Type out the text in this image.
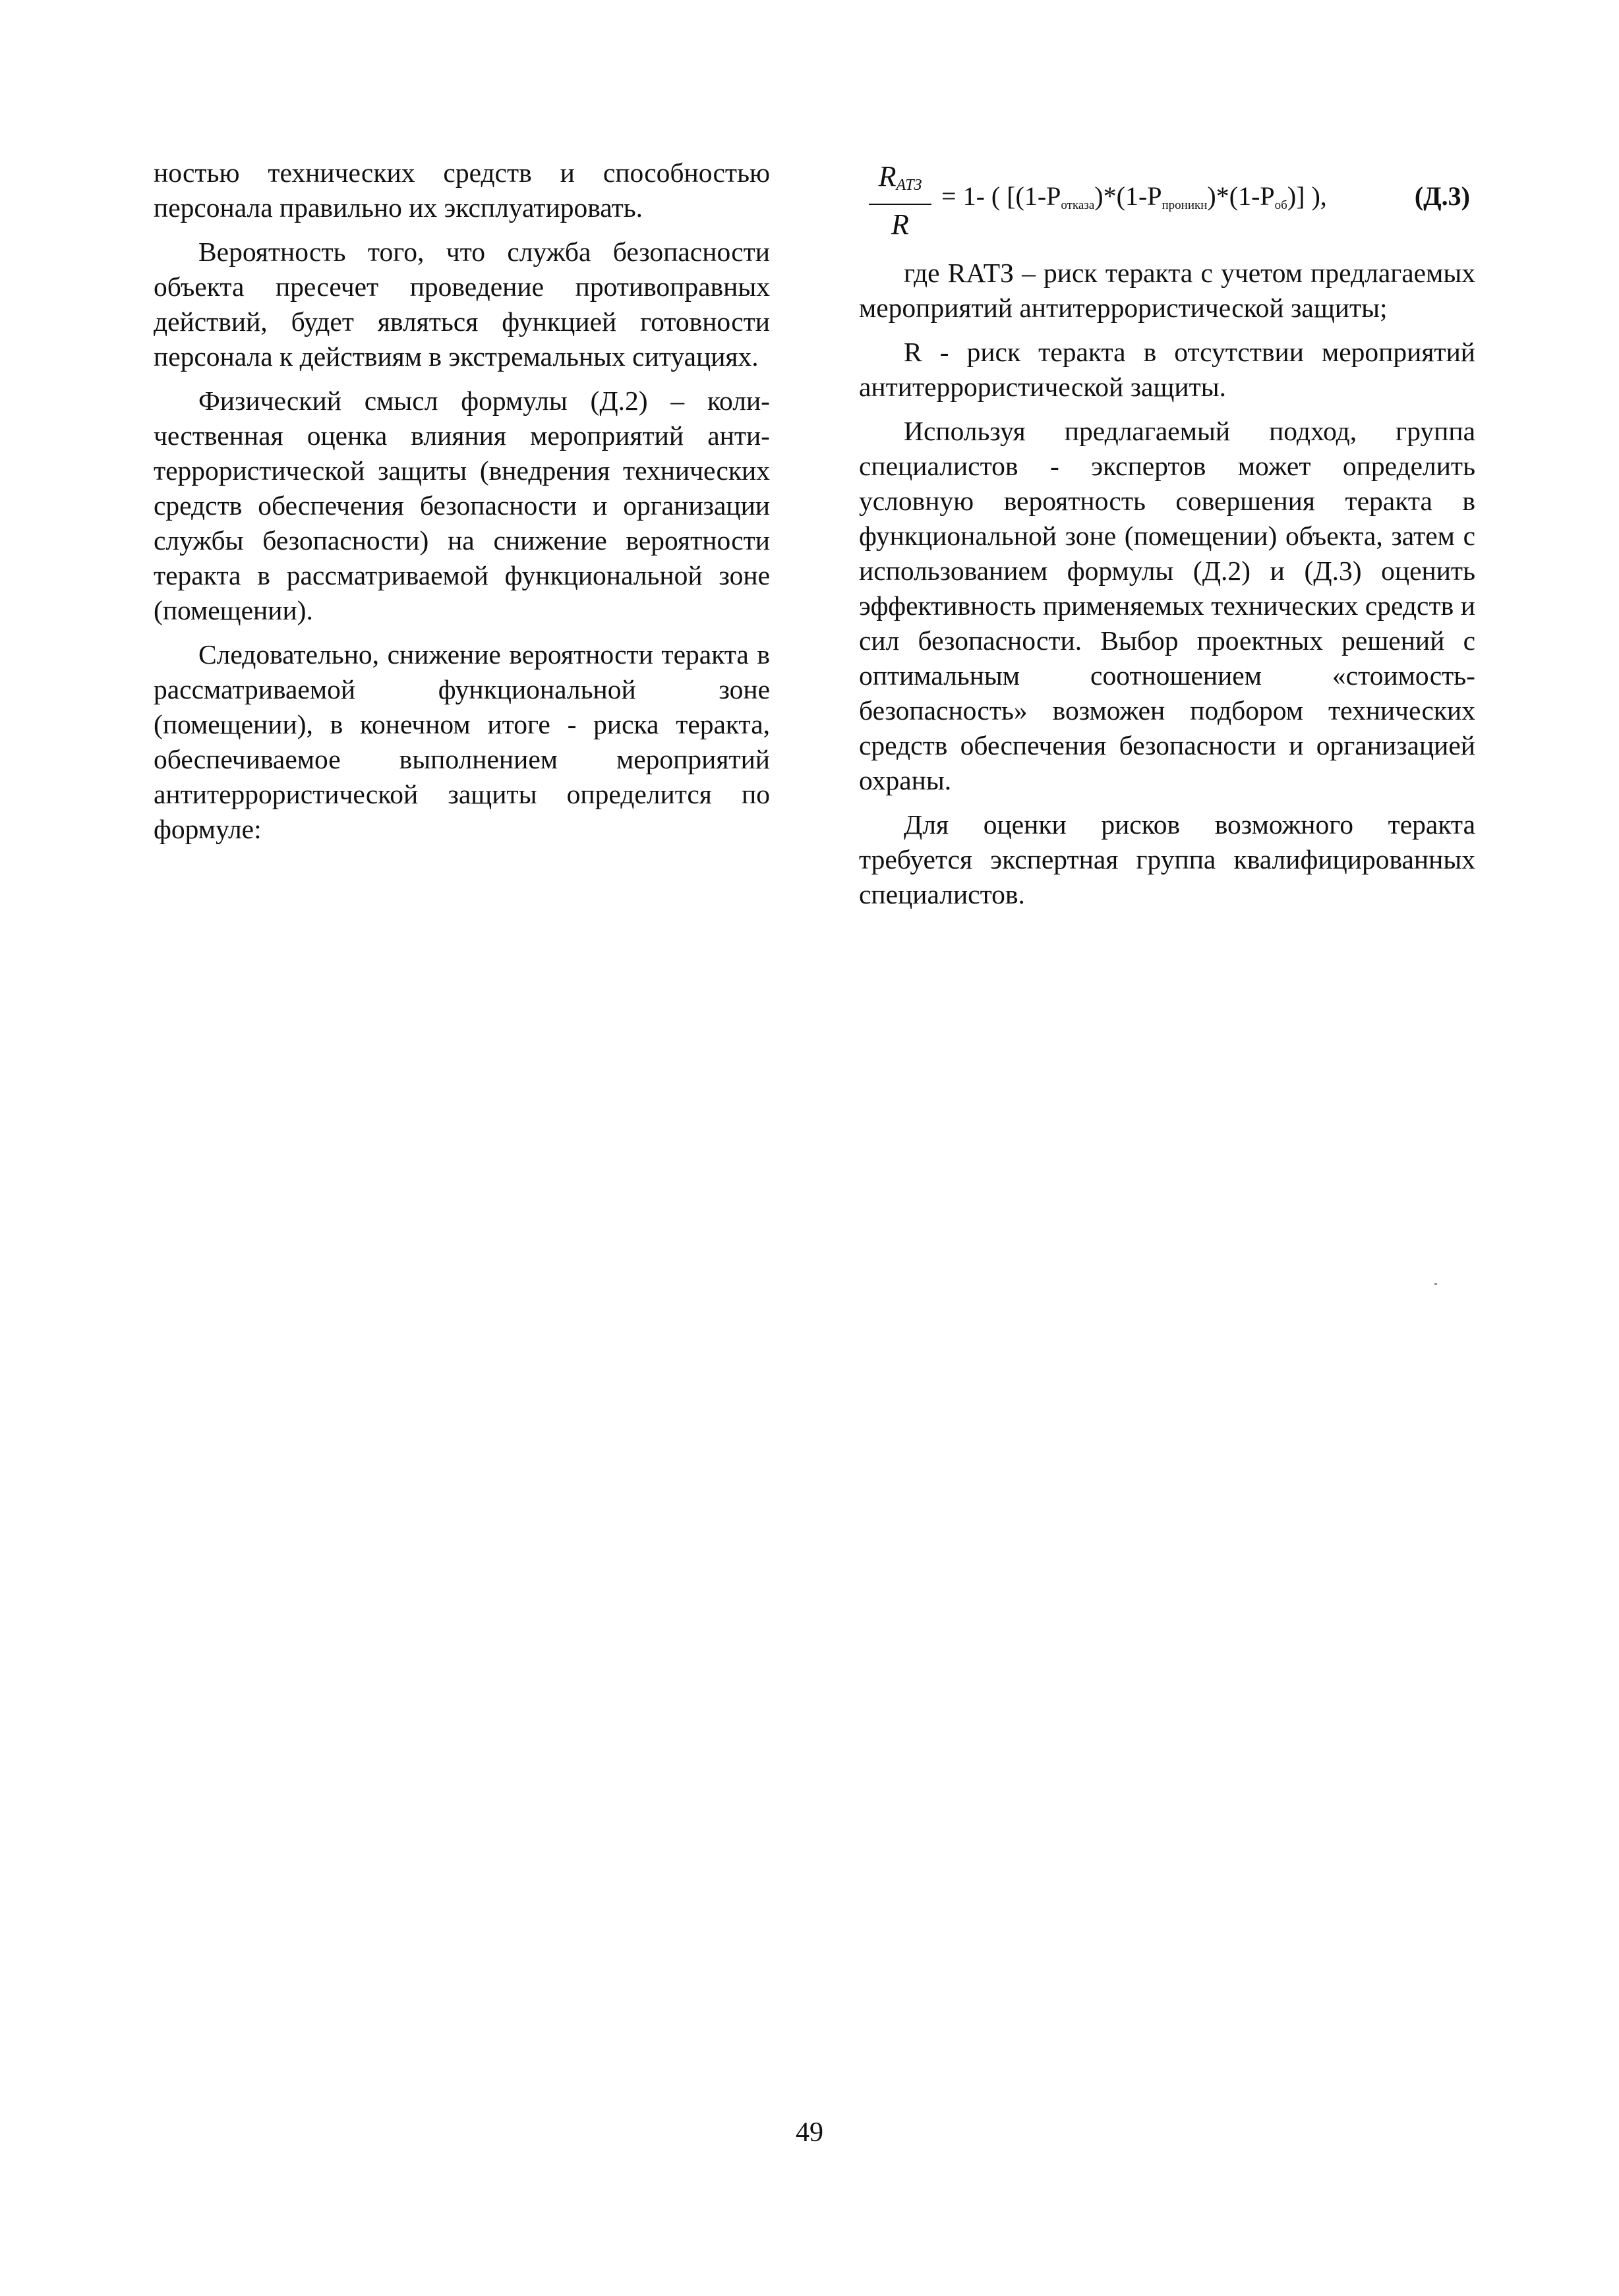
ностью технических средств и способностью персонала правильно их эксплуатировать.

Вероятность того, что служба безопасности объекта пресечет проведение противоправных действий, будет являться функцией готовности персонала к действиям в экстремальных ситуациях.

Физический смысл формулы (Д.2) – количественная оценка влияния мероприятий антитеррористической защиты (внедрения технических средств обеспечения безопасности и организации службы безопасности) на снижение вероятности теракта в рассматриваемой функциональной зоне (помещении).

Следовательно, снижение вероятности теракта в рассматриваемой функциональной зоне (помещении), в конечном итоге - риска теракта, обеспечиваемое выполнением мероприятий антитеррористической защиты определится по формуле:

$R_{АТЗ}$
R
= 1- ( $[(1-P_{отказа})*(1-P_{проникн})*(1-P_{об})]$ ),	(Д.3)

где RАТЗ – риск теракта с учетом предлагаемых мероприятий антитеррористической защиты;

R - риск теракта в отсутствии мероприятий антитеррористической защиты.

Используя предлагаемый подход, группа специалистов - экспертов может определить условную вероятность совершения теракта в функциональной зоне (помещении) объекта, затем с использованием формулы (Д.2) и (Д.3) оценить эффективность применяемых технических средств и сил безопасности. Выбор проектных решений с оптимальным соотношением «стоимость-безопасность» возможен подбором технических средств обеспечения безопасности и организацией охраны.

Для оценки рисков возможного теракта требуется экспертная группа квалифицированных специалистов.

49
